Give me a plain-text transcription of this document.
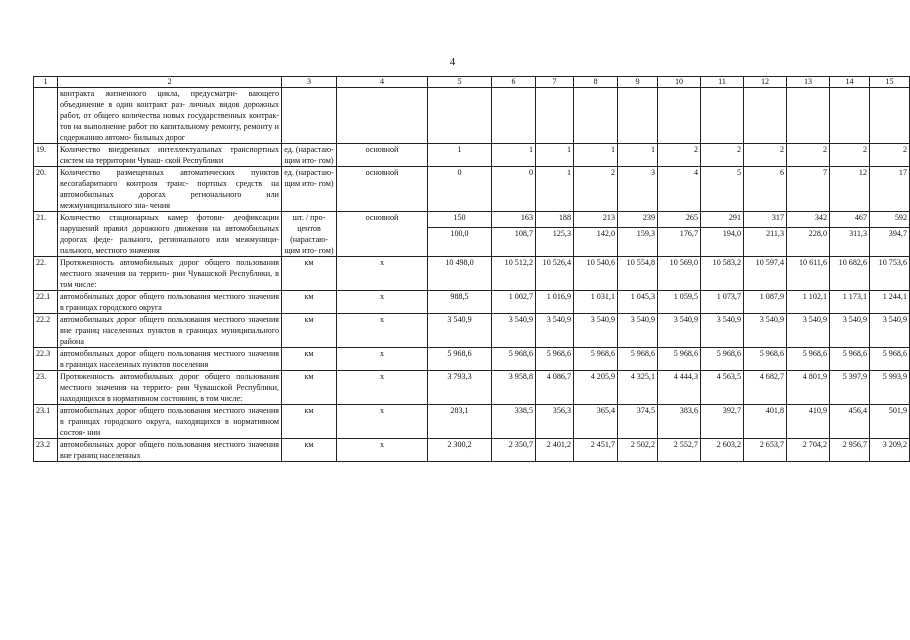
4
1	2	3	4	5	6	7	8	9	10	11	12	13	14	15
	контракта жизненного цикла, предусматри- вающего объединение в один контракт раз- личных видов дорожных работ, от общего количества новых государственных контрак- тов на выполнение работ по капитальному ремонту, ремонту и содержанию автомо- бильных дорог													
19.	Количество внедренных интеллектуальных транспортных систем на территории Чуваш- ской Республики	ед. (нарастаю- щим ито- гом)	основной	1	1	1	1	1	2	2	2	2	2	2
20.	Количество размещенных автоматических пунктов весогабаритного контроля транс- портных средств на автомобильных дорогах регионального или межмуниципального зна- чения	ед. (нарастаю- щим ито- гом)	основной	0	0	1	2	3	4	5	6	7	12	17
21.	Количество стационарных камер фотови- деофиксации нарушений правил дорожного движения на автомобильных дорогах феде- рального, регионального или межмуници- пального, местного значения	шт. / про- центов (нарастаю- щим ито- гом)	основной	150	163	188	213	239	265	291	317	342	467	592
				100,0	108,7	125,3	142,0	159,3	176,7	194,0	211,3	228,0	311,3	394,7
22.	Протяженность автомобильных дорог общего пользования местного значения на террито- рии Чувашской Республики, в том числе:	км	х	10 498,0	10 512,2	10 526,4	10 540,6	10 554,8	10 569,0	10 583,2	10 597,4	10 611,6	10 682,6	10 753,6
22.1	автомобильных дорог общего пользования местного значения в границах городского округа	км	х	988,5	1 002,7	1 016,9	1 031,1	1 045,3	1 059,5	1 073,7	1 087,9	1 102,1	1 173,1	1 244,1
22.2	автомобильных дорог общего пользования местного значения вне границ населенных пунктов в границах муниципального района	км	х	3 540,9	3 540,9	3 540,9	3 540,9	3 540,9	3 540,9	3 540,9	3 540,9	3 540,9	3 540,9	3 540,9
22.3	автомобильных дорог общего пользования местного значения в границах населенных пунктов поселения	км	х	5 968,6	5 968,6	5 968,6	5 968,6	5 968,6	5 968,6	5 968,6	5 968,6	5 968,6	5 968,6	5 968,6
23.	Протяженность автомобильных дорог общего пользования местного значения на террито- рии Чувашской Республики, находящихся в нормативном состоянии, в том числе:	км	х	3 793,3	3 958,8	4 086,7	4 205,9	4 325,1	4 444,3	4 563,5	4 682,7	4 801,9	5 397,9	5 993,9
23.1	автомобильных дорог общего пользования местного значения в границах городского округа, находящихся в нормативном состоя- нии	км	х	283,1	338,5	356,3	365,4	374,5	383,6	392,7	401,8	410,9	456,4	501,9
23.2	автомобильных дорог общего пользования местного значения вне границ населенных	км	х	2 300,2	2 350,7	2 401,2	2 451,7	2 502,2	2 552,7	2 603,2	2 653,7	2 704,2	2 956,7	3 209,2
